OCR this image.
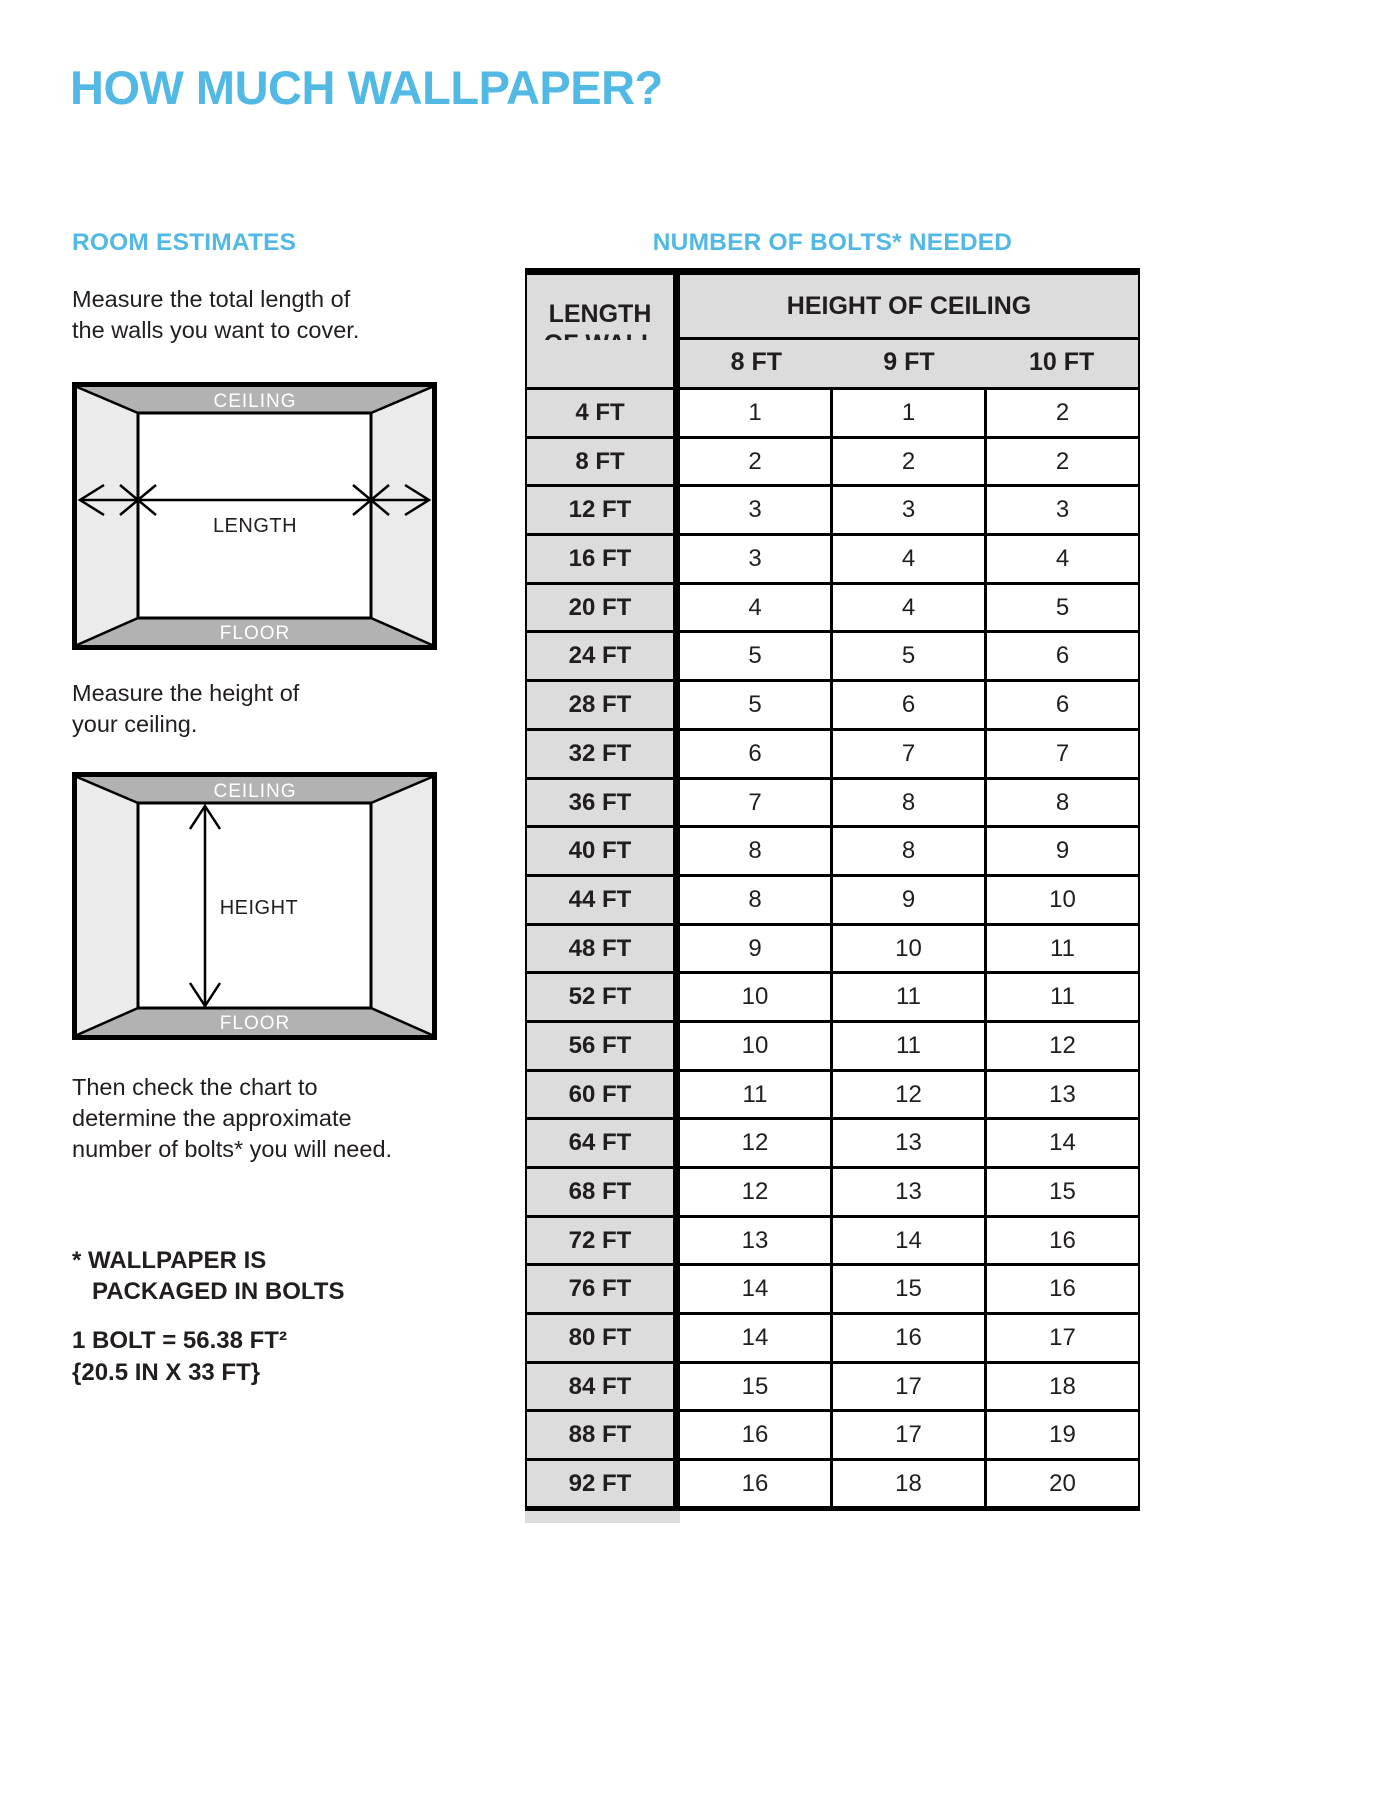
HOW MUCH WALLPAPER?
ROOM ESTIMATES
Measure the total length of
the walls you want to cover.
CEILING
FLOOR
LENGTH
Measure the height of
your ceiling.
CEILING
FLOOR
HEIGHT
Then check the chart to
determine the approximate
number of bolts* you will need.
* WALLPAPER IS
PACKAGED IN BOLTS
1 BOLT = 56.38 FT²
{20.5 IN X 33 FT}
NUMBER OF BOLTS* NEEDED
LENGTH	HEIGHT OF CEILING
8 FT	9 FT	10 FT
4 FT	1	1	2
8 FT	2	2	2
12 FT	3	3	3
16 FT	3	4	4
20 FT	4	4	5
24 FT	5	5	6
28 FT	5	6	6
32 FT	6	7	7
36 FT	7	8	8
40 FT	8	8	9
44 FT	8	9	10
48 FT	9	10	11
52 FT	10	11	11
56 FT	10	11	12
60 FT	11	12	13
64 FT	12	13	14
68 FT	12	13	15
72 FT	13	14	16
76 FT	14	15	16
80 FT	14	16	17
84 FT	15	17	18
88 FT	16	17	19
92 FT	16	18	20
